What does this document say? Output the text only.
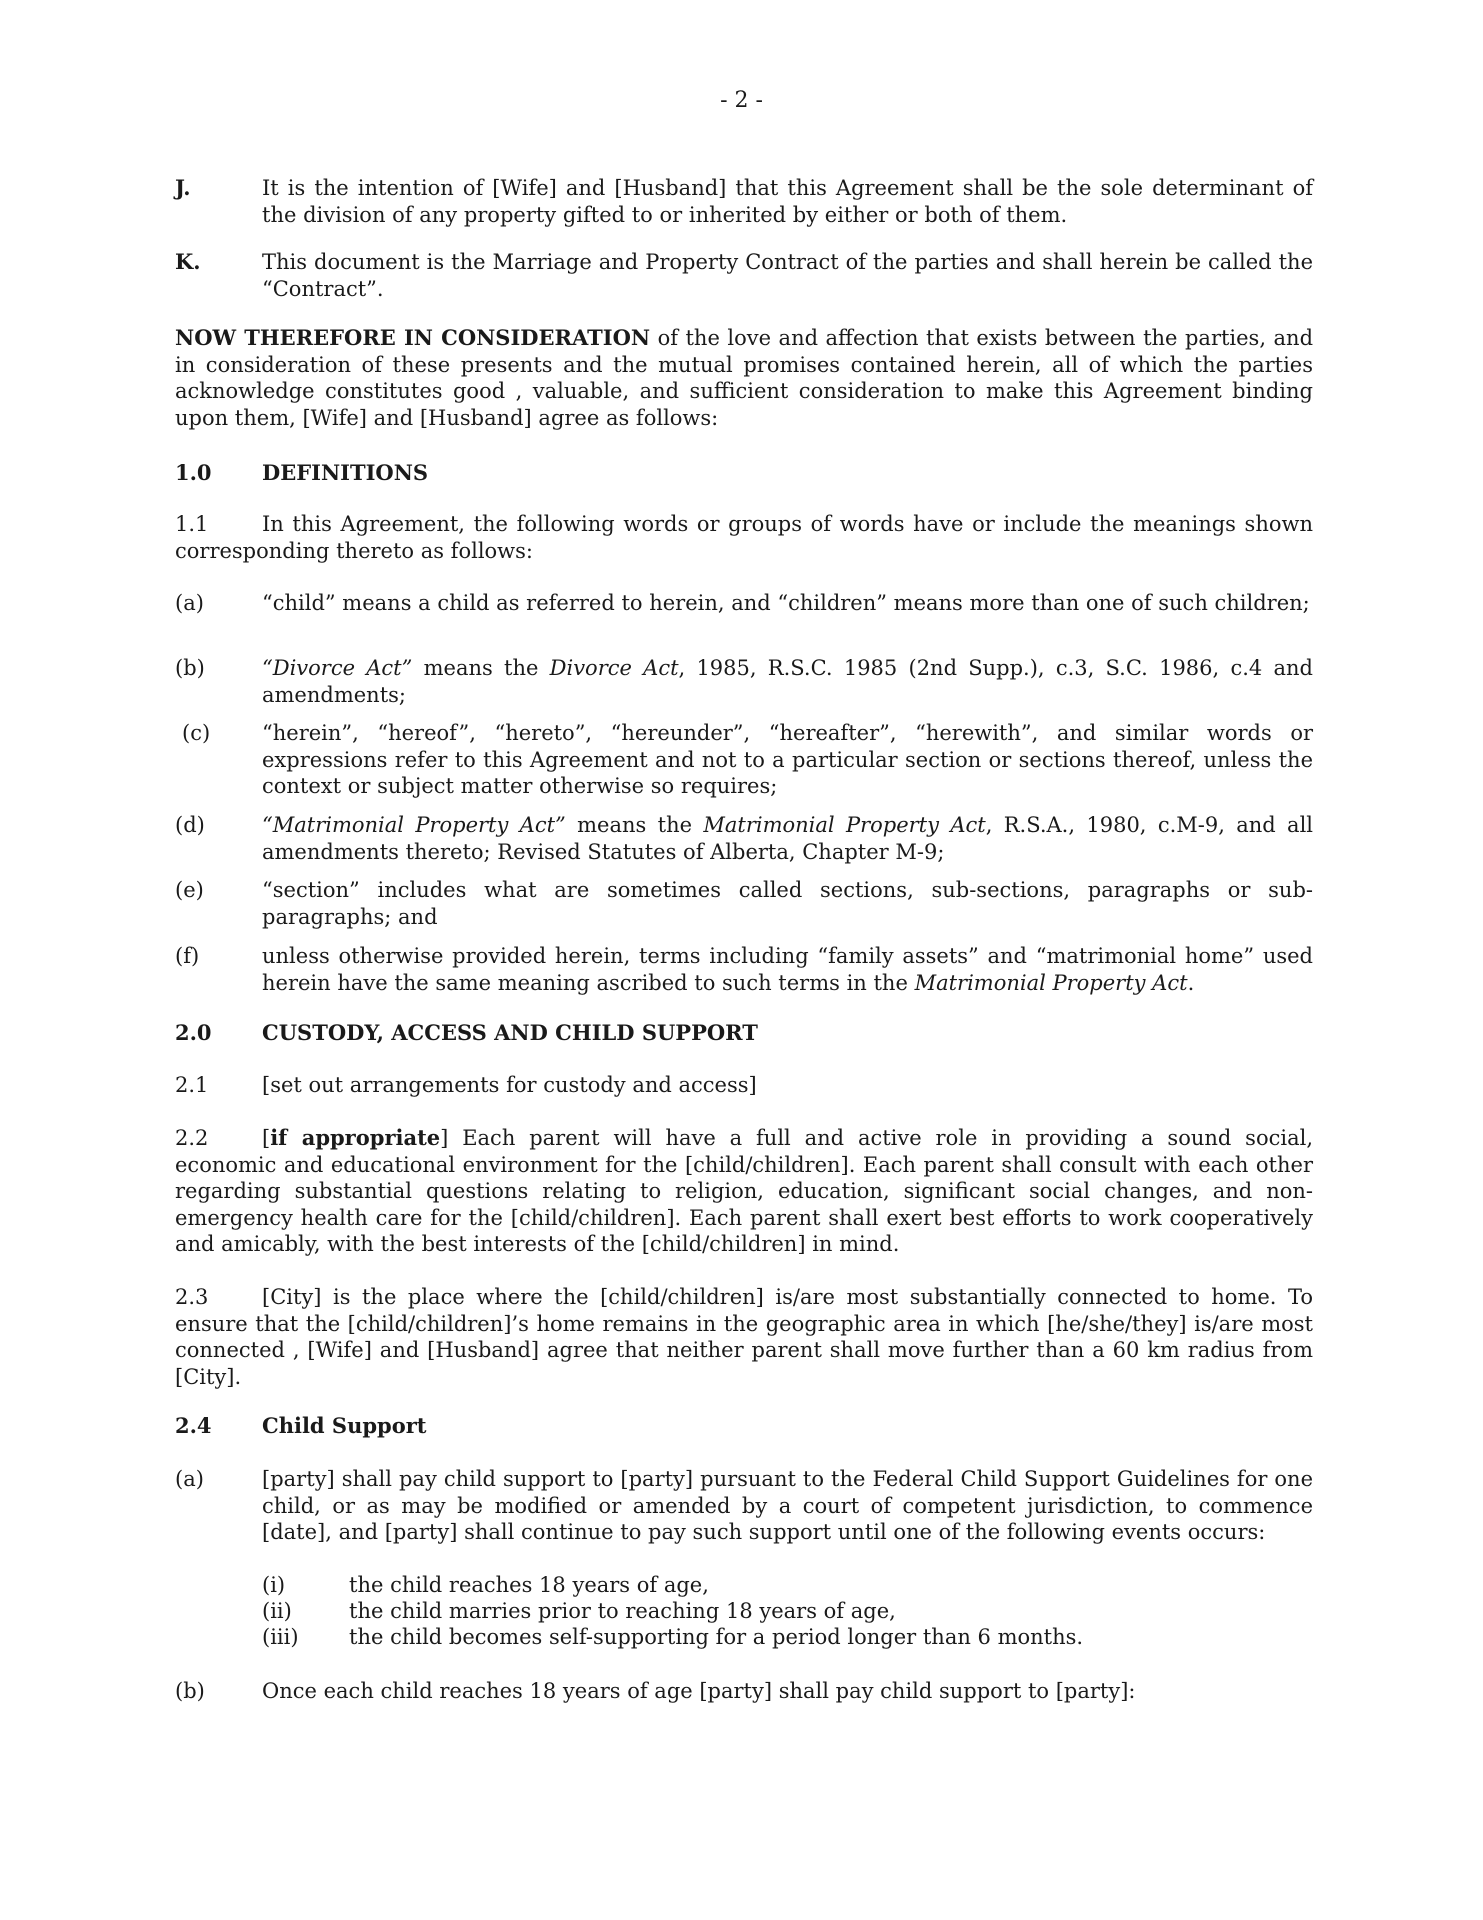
- 2 -
J.	It is the intention of [Wife] and [Husband] that this Agreement shall be the sole determinant of the division of any property gifted to or inherited by either or both of them.
K.	This document is the Marriage and Property Contract of the parties and shall herein be called the “Contract”.
NOW THEREFORE IN CONSIDERATION of the love and affection that exists between the parties, and in consideration of these presents and the mutual promises contained herein, all of which the parties acknowledge constitutes good , valuable, and sufficient consideration to make this Agreement binding upon them, [Wife] and [Husband] agree as follows:
1.0 DEFINITIONS
1.1	In this Agreement, the following words or groups of words have or include the meanings shown corresponding thereto as follows:
(a)	“child” means a child as referred to herein, and “children” means more than one of such children;
(b)	“Divorce Act” means the Divorce Act, 1985, R.S.C. 1985 (2nd Supp.), c.3, S.C. 1986, c.4 and amendments;
(c) “herein”, “hereof”, “hereto”, “hereunder”, “hereafter”, “herewith”, and similar words or expressions refer to this Agreement and not to a particular section or sections thereof, unless the context or subject matter otherwise so requires;
(d)	“Matrimonial Property Act” means the Matrimonial Property Act, R.S.A., 1980, c.M-9, and all amendments thereto; Revised Statutes of Alberta, Chapter M-9;
(e)	“section” includes what are sometimes called sections, sub-sections, paragraphs or sub-paragraphs; and
(f)	unless otherwise provided herein, terms including “family assets” and “matrimonial home” used herein have the same meaning ascribed to such terms in the Matrimonial Property Act.
2.0 CUSTODY, ACCESS AND CHILD SUPPORT
2.1	[set out arrangements for custody and access]
2.2	[if appropriate] Each parent will have a full and active role in providing a sound social, economic and educational environment for the [child/children]. Each parent shall consult with each other regarding substantial questions relating to religion, education, significant social changes, and non-emergency health care for the [child/children]. Each parent shall exert best efforts to work cooperatively and amicably, with the best interests of the [child/children] in mind.
2.3	[City] is the place where the [child/children] is/are most substantially connected to home. To ensure that the [child/children]’s home remains in the geographic area in which [he/she/they] is/are most connected , [Wife] and [Husband] agree that neither parent shall move further than a 60 km radius from [City].
2.4 Child Support
(a)	[party] shall pay child support to [party] pursuant to the Federal Child Support Guidelines for one child, or as may be modified or amended by a court of competent jurisdiction, to commence [date], and [party] shall continue to pay such support until one of the following events occurs:
(i)	the child reaches 18 years of age,
(ii)	the child marries prior to reaching 18 years of age,
(iii) the child becomes self-supporting for a period longer than 6 months.
(b)	Once each child reaches 18 years of age [party] shall pay child support to [party]:
